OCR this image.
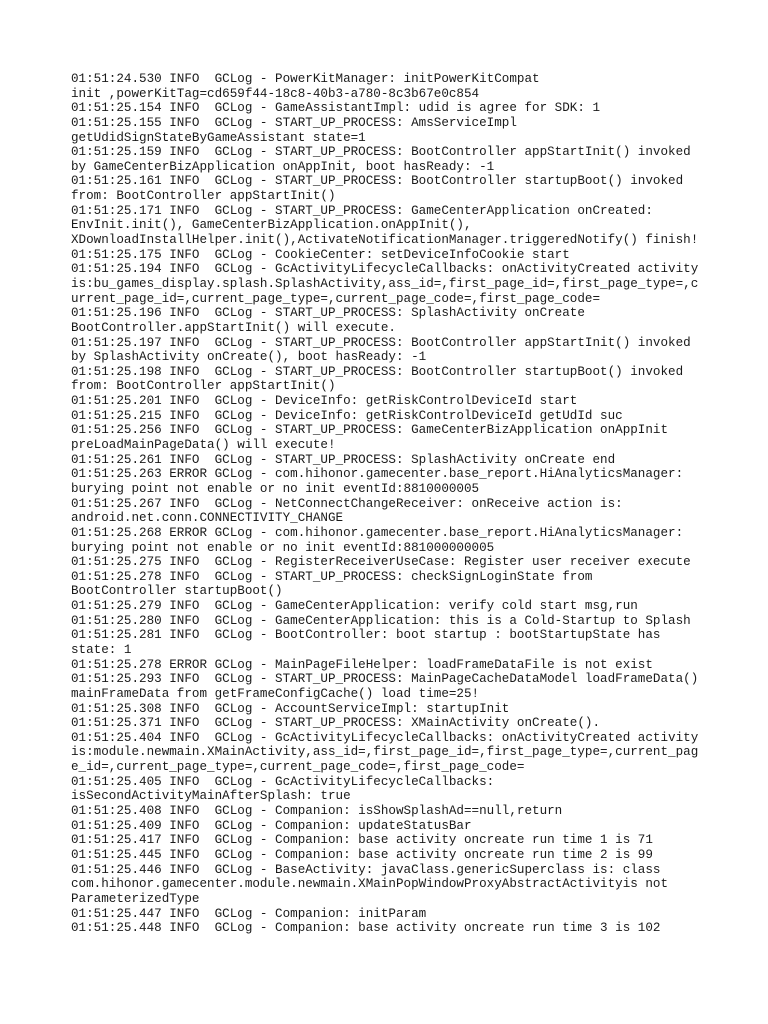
01:51:24.530 INFO  GCLog - PowerKitManager: initPowerKitCompat
init ,powerKitTag=cd659f44-18c8-40b3-a780-8c3b67e0c854
01:51:25.154 INFO  GCLog - GameAssistantImpl: udid is agree for SDK: 1
01:51:25.155 INFO  GCLog - START_UP_PROCESS: AmsServiceImpl
getUdidSignStateByGameAssistant state=1
01:51:25.159 INFO  GCLog - START_UP_PROCESS: BootController appStartInit() invoked
by GameCenterBizApplication onAppInit, boot hasReady: -1
01:51:25.161 INFO  GCLog - START_UP_PROCESS: BootController startupBoot() invoked
from: BootController appStartInit()
01:51:25.171 INFO  GCLog - START_UP_PROCESS: GameCenterApplication onCreated:
EnvInit.init(), GameCenterBizApplication.onAppInit(),
XDownloadInstallHelper.init(),ActivateNotificationManager.triggeredNotify() finish!
01:51:25.175 INFO  GCLog - CookieCenter: setDeviceInfoCookie start
01:51:25.194 INFO  GCLog - GcActivityLifecycleCallbacks: onActivityCreated activity
is:bu_games_display.splash.SplashActivity,ass_id=,first_page_id=,first_page_type=,c
urrent_page_id=,current_page_type=,current_page_code=,first_page_code=
01:51:25.196 INFO  GCLog - START_UP_PROCESS: SplashActivity onCreate
BootController.appStartInit() will execute.
01:51:25.197 INFO  GCLog - START_UP_PROCESS: BootController appStartInit() invoked
by SplashActivity onCreate(), boot hasReady: -1
01:51:25.198 INFO  GCLog - START_UP_PROCESS: BootController startupBoot() invoked
from: BootController appStartInit()
01:51:25.201 INFO  GCLog - DeviceInfo: getRiskControlDeviceId start
01:51:25.215 INFO  GCLog - DeviceInfo: getRiskControlDeviceId getUdId suc
01:51:25.256 INFO  GCLog - START_UP_PROCESS: GameCenterBizApplication onAppInit
preLoadMainPageData() will execute!
01:51:25.261 INFO  GCLog - START_UP_PROCESS: SplashActivity onCreate end
01:51:25.263 ERROR GCLog - com.hihonor.gamecenter.base_report.HiAnalyticsManager:
burying point not enable or no init eventId:8810000005
01:51:25.267 INFO  GCLog - NetConnectChangeReceiver: onReceive action is:
android.net.conn.CONNECTIVITY_CHANGE
01:51:25.268 ERROR GCLog - com.hihonor.gamecenter.base_report.HiAnalyticsManager:
burying point not enable or no init eventId:881000000005
01:51:25.275 INFO  GCLog - RegisterReceiverUseCase: Register user receiver execute
01:51:25.278 INFO  GCLog - START_UP_PROCESS: checkSignLoginState from
BootController startupBoot()
01:51:25.279 INFO  GCLog - GameCenterApplication: verify cold start msg,run
01:51:25.280 INFO  GCLog - GameCenterApplication: this is a Cold-Startup to Splash
01:51:25.281 INFO  GCLog - BootController: boot startup : bootStartupState has
state: 1
01:51:25.278 ERROR GCLog - MainPageFileHelper: loadFrameDataFile is not exist
01:51:25.293 INFO  GCLog - START_UP_PROCESS: MainPageCacheDataModel loadFrameData()
mainFrameData from getFrameConfigCache() load time=25!
01:51:25.308 INFO  GCLog - AccountServiceImpl: startupInit
01:51:25.371 INFO  GCLog - START_UP_PROCESS: XMainActivity onCreate().
01:51:25.404 INFO  GCLog - GcActivityLifecycleCallbacks: onActivityCreated activity
is:module.newmain.XMainActivity,ass_id=,first_page_id=,first_page_type=,current_pag
e_id=,current_page_type=,current_page_code=,first_page_code=
01:51:25.405 INFO  GCLog - GcActivityLifecycleCallbacks:
isSecondActivityMainAfterSplash: true
01:51:25.408 INFO  GCLog - Companion: isShowSplashAd==null,return
01:51:25.409 INFO  GCLog - Companion: updateStatusBar
01:51:25.417 INFO  GCLog - Companion: base activity oncreate run time 1 is 71
01:51:25.445 INFO  GCLog - Companion: base activity oncreate run time 2 is 99
01:51:25.446 INFO  GCLog - BaseActivity: javaClass.genericSuperclass is: class
com.hihonor.gamecenter.module.newmain.XMainPopWindowProxyAbstractActivityis not
ParameterizedType
01:51:25.447 INFO  GCLog - Companion: initParam
01:51:25.448 INFO  GCLog - Companion: base activity oncreate run time 3 is 102
